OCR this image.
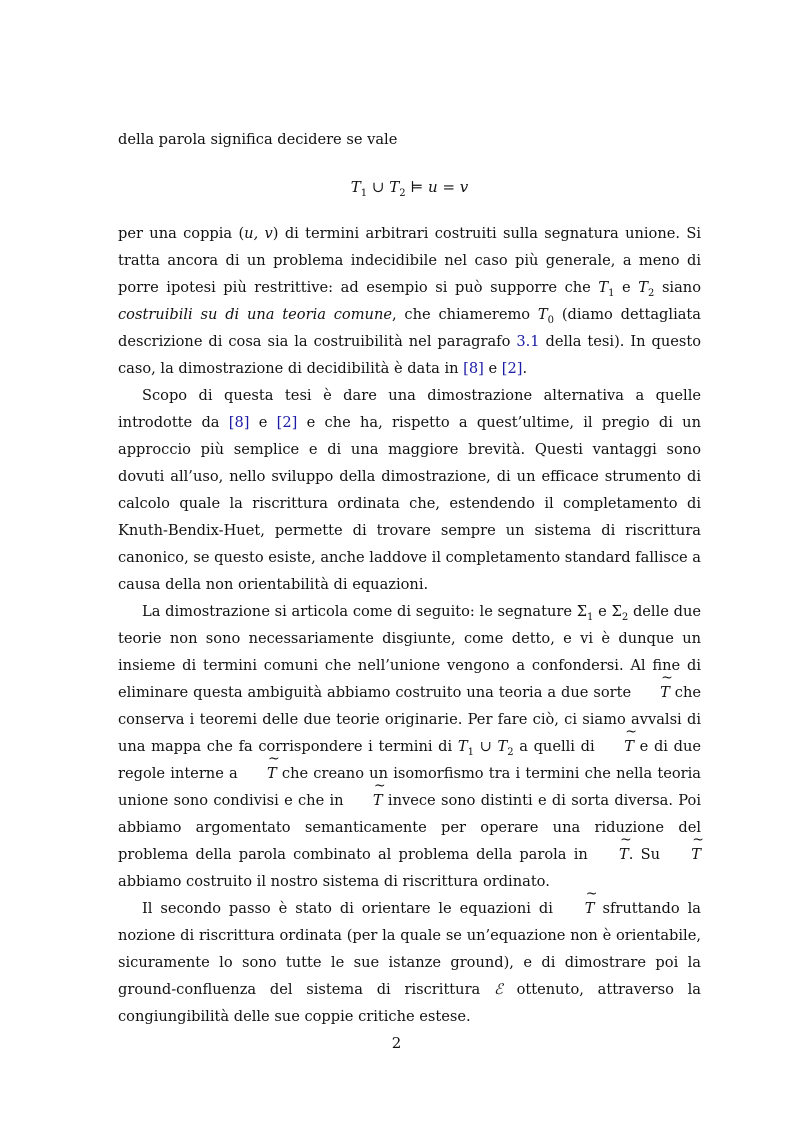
della parola significa decidere se vale

$T_1$ ∪ $T_2$ ⊨ u = v

per una coppia (u, v) di termini arbitrari costruiti sulla segnatura unione. Si tratta ancora di un problema indecidibile nel caso più generale, a meno di porre ipotesi più restrittive: ad esempio si può supporre che $T_1$ e $T_2$ siano costruibili su di una teoria comune, che chiameremo $T_0$ (diamo dettagliata descrizione di cosa sia la costruibilità nel paragrafo 3.1 della tesi). In questo caso, la dimostrazione di decidibilità è data in [8] e [2].

Scopo di questa tesi è dare una dimostrazione alternativa a quelle introdotte da [8] e [2] e che ha, rispetto a quest’ultime, il pregio di un approccio più semplice e di una maggiore brevità. Questi vantaggi sono dovuti all’uso, nello sviluppo della dimostrazione, di un efficace strumento di calcolo quale la riscrittura ordinata che, estendendo il completamento di Knuth-Bendix-Huet, permette di trovare sempre un sistema di riscrittura canonico, se questo esiste, anche laddove il completamento standard fallisce a causa della non orientabilità di equazioni.

La dimostrazione si articola come di seguito: le segnature $\Sigma_1$ e $\Sigma_2$ delle due teorie non sono necessariamente disgiunte, come detto, e vi è dunque un insieme di termini comuni che nell’unione vengono a confondersi. Al fine di eliminare questa ambiguità abbiamo costruito una teoria a due sorte ~ T che conserva i teoremi delle due teorie originarie. Per fare ciò, ci siamo avvalsi di una mappa che fa corrispondere i termini di $T_1$ ∪ $T_2$ a quelli di ~ T e di due regole interne a ~ T che creano un isomorfismo tra i termini che nella teoria unione sono condivisi e che in ~ T invece sono distinti e di sorta diversa. Poi abbiamo argomentato semanticamente per operare una riduzione del problema della parola combinato al problema della parola in ~ T. Su ~ T abbiamo costruito il nostro sistema di riscrittura ordinato.

Il secondo passo è stato di orientare le equazioni di ~ T sfruttando la nozione di riscrittura ordinata (per la quale se un’equazione non è orientabile, sicuramente lo sono tutte le sue istanze ground), e di dimostrare poi la ground-confluenza del sistema di riscrittura ℰ ottenuto, attraverso la congiungibilità delle sue coppie critiche estese.

2
